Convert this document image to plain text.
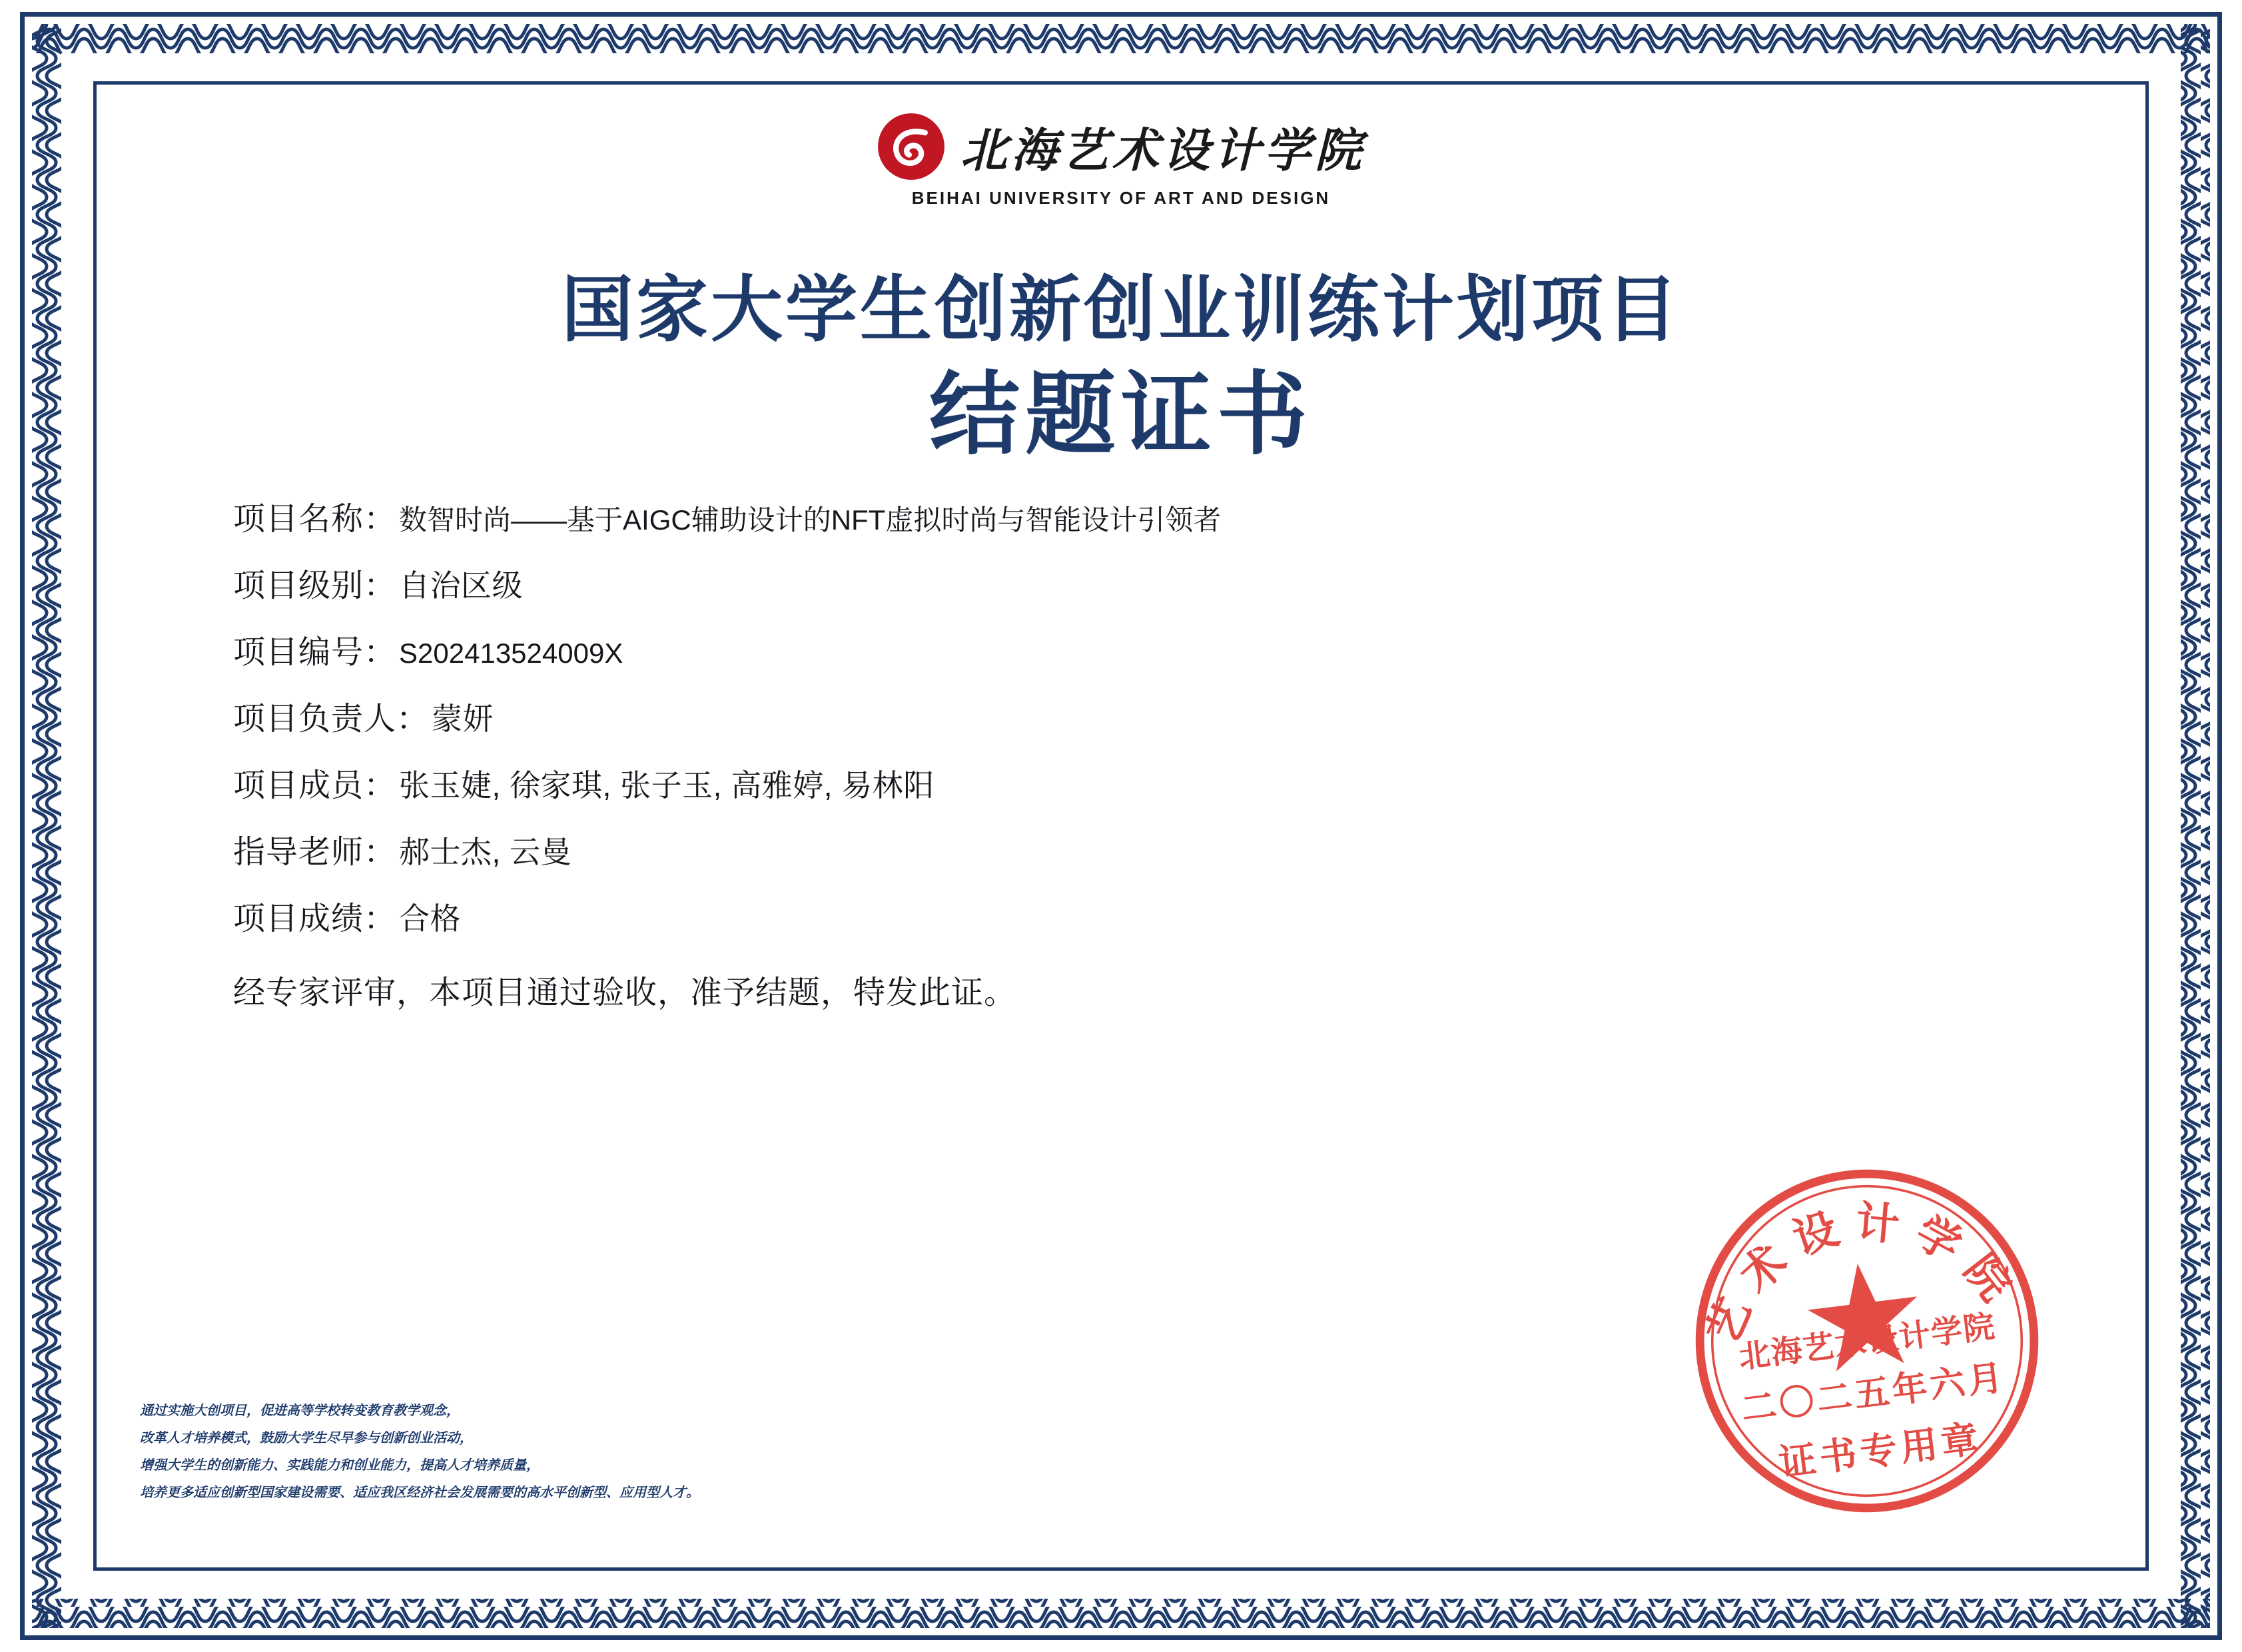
北海艺术设计学院
BEIHAI UNIVERSITY OF ART AND DESIGN
国家大学生创新创业训练计划项目
结题证书
项目名称： 数智时尚——基于AIGC辅助设计的NFT虚拟时尚与智能设计引领者
项目级别： 自治区级
项目编号： S202413524009X
项目负责人： 蒙妍
项目成员： 张玉婕, 徐家琪, 张子玉, 高雅婷, 易林阳
指导老师： 郝士杰, 云曼
项目成绩： 合格
经专家评审，本项目通过验收，准予结题，特发此证。
通过实施大创项目，促进高等学校转变教育教学观念，
改革人才培养模式，鼓励大学生尽早参与创新创业活动，
增强大学生的创新能力、实践能力和创业能力，提高人才培养质量，
培养更多适应创新型国家建设需要、适应我区经济社会发展需要的高水平创新型、应用型人才。
艺术设计学院
北海艺术设计学院
二〇二五年六月
证书专用章
